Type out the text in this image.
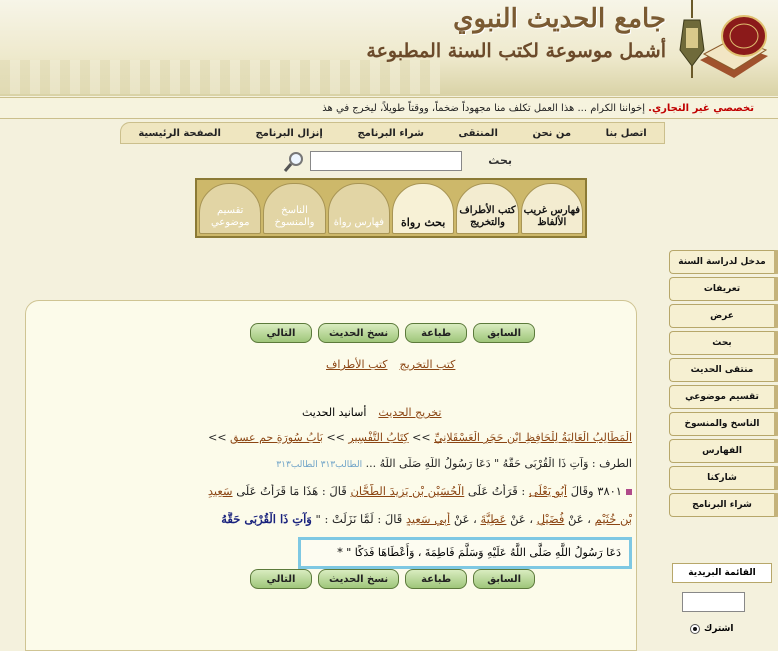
جامع الحديث النبوي
أشمل موسوعة لكتب السنة المطبوعة
تخصصي غير التجاري. إخواننا الكرام ... هذا العمل تكلف منا مجهوداً ضخماً، ووقتاً طويلاً، ليخرج في هذ
الصفحة الرئيسية	إنزال البرنامج	شراء البرنامج	المنتقى	من نحن	اتصل بنا
بحث
فهارس غريب الألفاظ
كتب الأطراف والتخريج
بحث رواة
فهارس رواة
الناسخ والمنسوخ
تقسيم موضوعي
مدخل لدراسة السنة
تعريفات
عرض
بحث
منتقى الحديث
تقسيم موضوعي
الناسخ والمنسوخ
الفهارس
شاركنا
شراء البرنامج
القائمة البريدية
اشترك
السابق
طباعة
نسخ الحديث
التالي
كتب التخريج
كتب الأطراف
تخريج الحديث
أسانيد الحديث
الْمَطَالِبُ الْعَالِيَةُ لِلْحَافِظِ ابْنِ حَجَرٍ الْعَسْقَلانِيِّ >> كِتَابُ التَّفْسِيرِ >> بَابُ سُورَةِ حم عسق >>
الطرف : وَآتِ ذَا الْقُرْبَى حَقَّهُ " دَعَا رَسُولُ اللَّهِ صَلَّى اللَّهُ ... الطالب٣١٣ الطالب٣١٣
٣٨٠١ وقَالَ أَبُو يَعْلَى : قَرَأْتُ عَلَى الْحُسَيْنِ بْنِ يَزِيدَ الطَّحَّانِ قَالَ : هَذَا مَا قَرَأْتُ عَلَى سَعِيدِ
بْنِ خُثَيْمٍ ، عَنْ فُضَيْلٍ ، عَنْ عَطِيَّةَ ، عَنْ أَبِي سَعِيدٍ قَالَ : لَمَّا نَزَلَتْ : " وَآتِ ذَا الْقُرْبَى حَقَّهُ
دَعَا رَسُولُ اللَّهِ صَلَّى اللَّهُ عَلَيْهِ وَسَلَّمَ فَاطِمَةَ ، وَأَعْطَاهَا فَدَكًا " *
السابق
طباعة
نسخ الحديث
التالي
